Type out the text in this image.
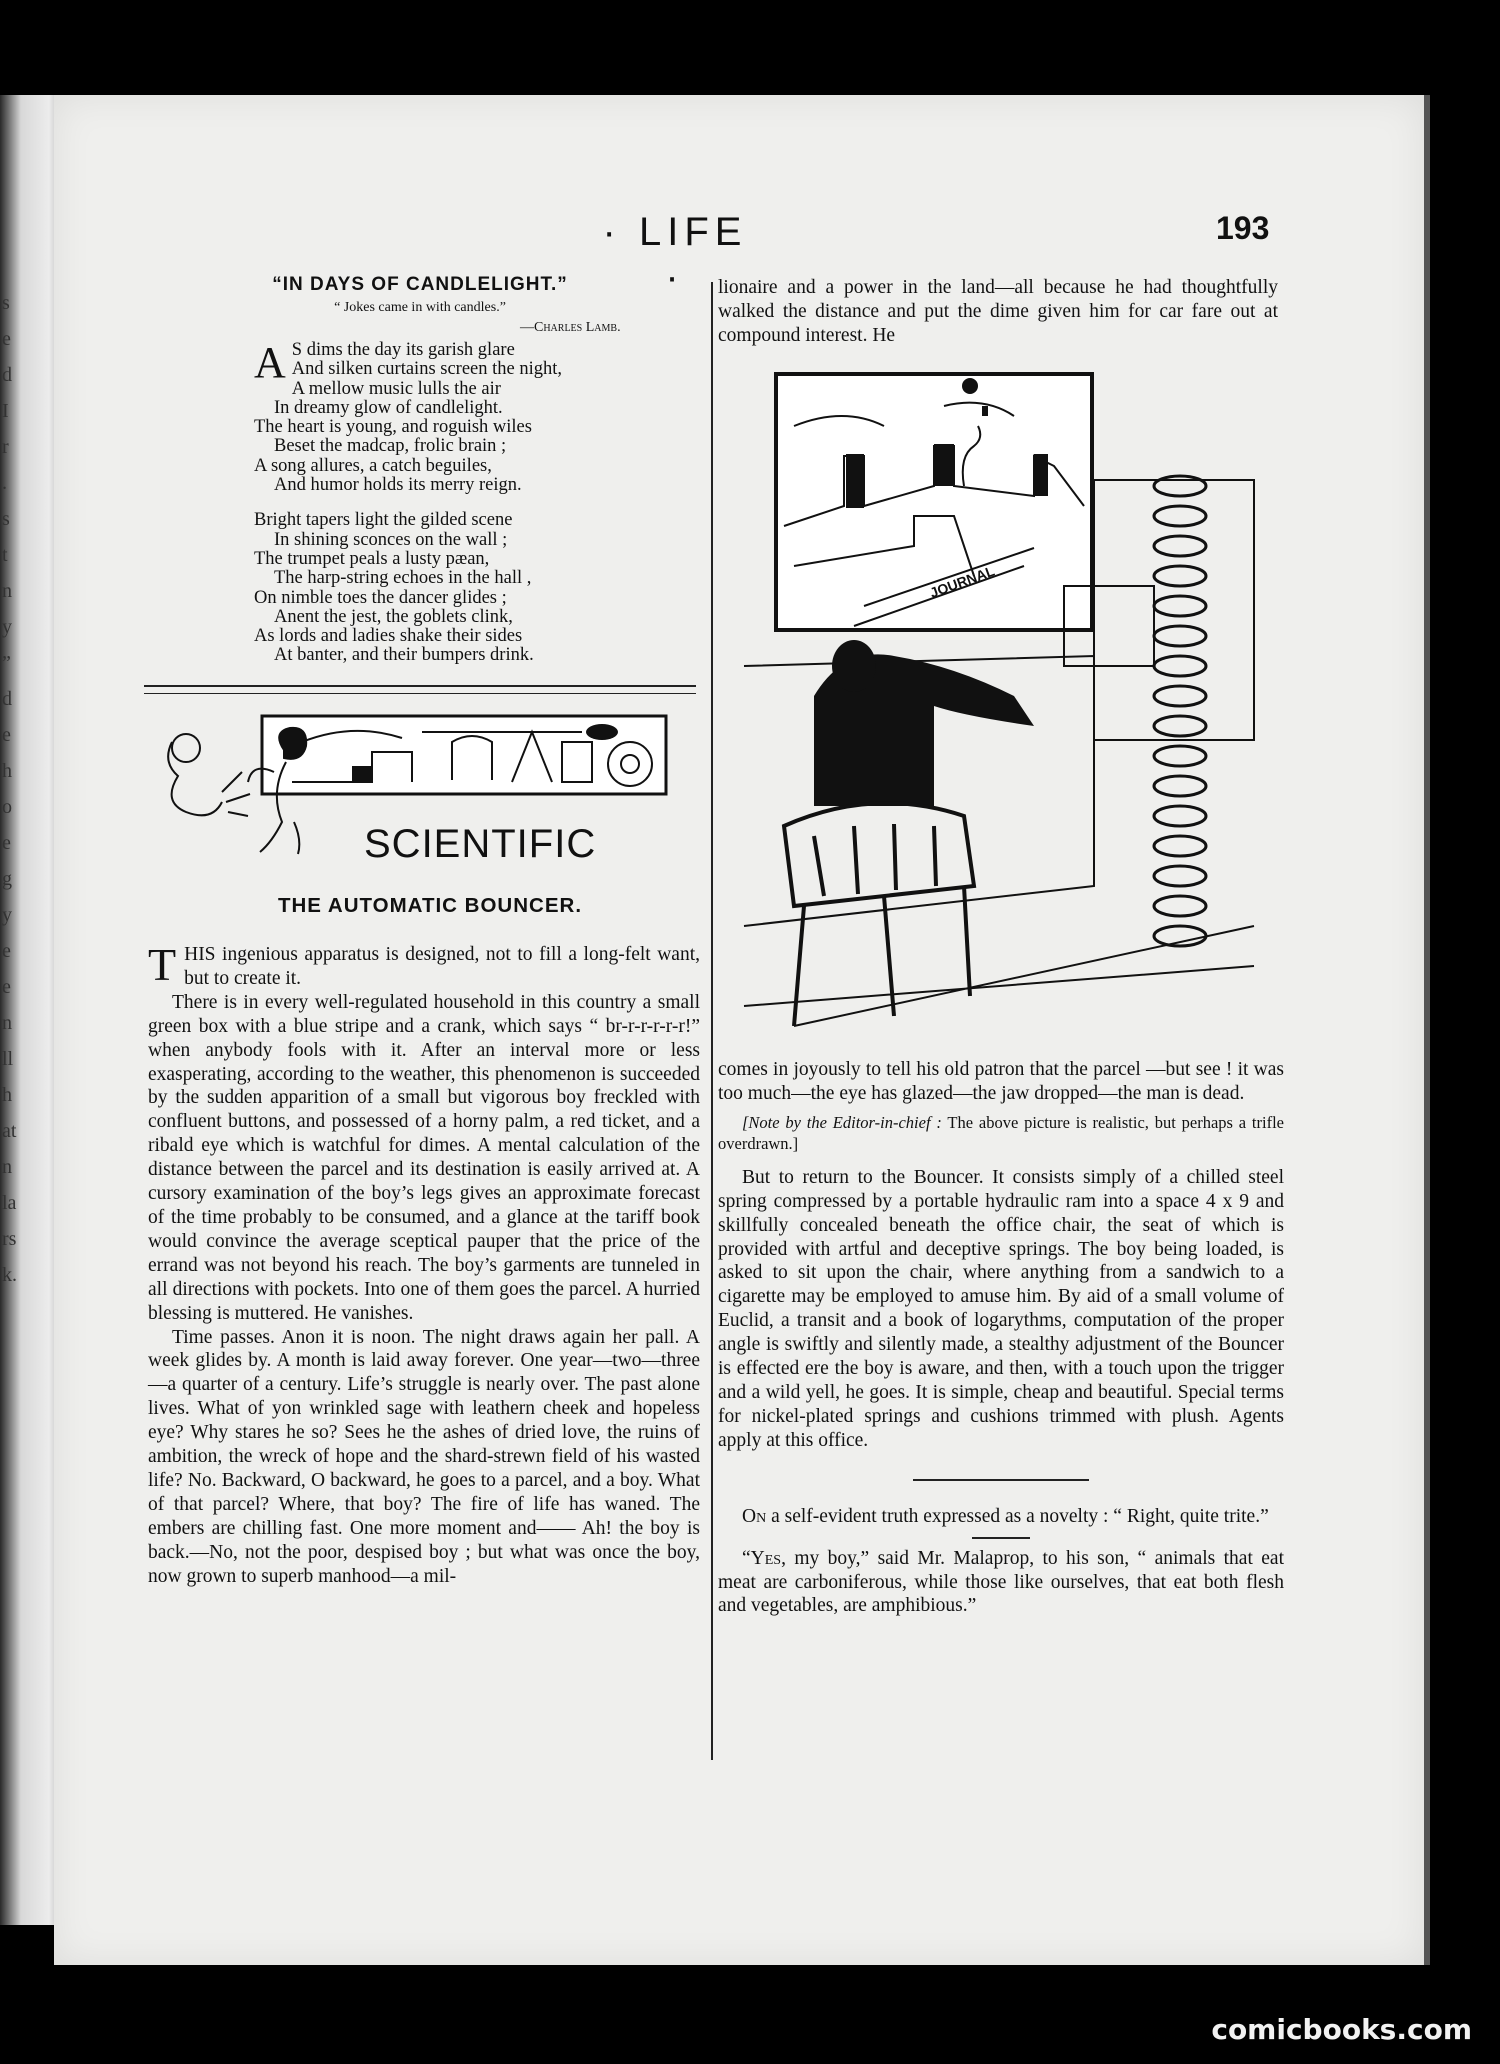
s
e
d
I
r
.
s
t
n
y
”
d
e
h
o
e
g
y
e
e
n
ll
h
at
n
la
rs
k.
· LIFE ·
193
“IN DAYS OF CANDLELIGHT.”
“ Jokes came in with candles.”
—Charles Lamb.
A S dims the day its garish glare
And silken curtains screen the night,
A mellow music lulls the air
In dreamy glow of candlelight.
The heart is young, and roguish wiles
Beset the madcap, frolic brain ;
A song allures, a catch beguiles,
And humor holds its merry reign.
Bright tapers light the gilded scene
In shining sconces on the wall ;
The trumpet peals a lusty pæan,
The harp-string echoes in the hall ,
On nimble toes the dancer glides ;
Anent the jest, the goblets clink,
As lords and ladies shake their sides
At banter, and their bumpers drink.
SCIENTIFIC
THE AUTOMATIC BOUNCER.

THIS ingenious apparatus is designed, not to fill a long-felt want, but to create it.

There is in every well-regulated household in this country a small green box with a blue stripe and a crank, which says “ br-r-r-r-r-r!” when anybody fools with it. After an interval more or less exasperating, according to the weather, this phenomenon is succeeded by the sudden apparition of a small but vigorous boy freckled with confluent buttons, and possessed of a horny palm, a red ticket, and a ribald eye which is watchful for dimes. A mental calculation of the distance between the parcel and its destination is easily arrived at. A cursory examination of the boy’s legs gives an approximate forecast of the time probably to be consumed, and a glance at the tariff book would convince the average sceptical pauper that the price of the errand was not beyond his reach. The boy’s garments are tunneled in all directions with pockets. Into one of them goes the parcel. A hurried blessing is muttered. He vanishes.

Time passes. Anon it is noon. The night draws again her pall. A week glides by. A month is laid away forever. One year—two—three—a quarter of a century. Life’s struggle is nearly over. The past alone lives. What of yon wrinkled sage with leathern cheek and hopeless eye? Why stares he so? Sees he the ashes of dried love, the ruins of ambition, the wreck of hope and the shard-strewn field of his wasted life? No. Backward, O backward, he goes to a parcel, and a boy. What of that parcel? Where, that boy? The fire of life has waned. The embers are chilling fast. One more moment and—— Ah! the boy is back.—No, not the poor, despised boy ; but what was once the boy, now grown to superb manhood—a mil-

lionaire and a power in the land—all because he had thoughtfully walked the distance and put the dime given him for car fare out at compound interest. He

JOURNAL

comes in joyously to tell his old patron that the parcel —but see ! it was too much—the eye has glazed—the jaw dropped—the man is dead.

[Note by the Editor-in-chief : The above picture is realistic, but perhaps a trifle overdrawn.]

But to return to the Bouncer. It consists simply of a chilled steel spring compressed by a portable hydraulic ram into a space 4 x 9 and skillfully concealed beneath the office chair, the seat of which is provided with artful and deceptive springs. The boy being loaded, is asked to sit upon the chair, where anything from a sandwich to a cigarette may be employed to amuse him. By aid of a small volume of Euclid, a transit and a book of logarythms, computation of the proper angle is swiftly and silently made, a stealthy adjustment of the Bouncer is effected ere the boy is aware, and then, with a touch upon the trigger and a wild yell, he goes. It is simple, cheap and beautiful. Special terms for nickel-plated springs and cushions trimmed with plush. Agents apply at this office.

On a self-evident truth expressed as a novelty : “ Right, quite trite.”

“Yes, my boy,” said Mr. Malaprop, to his son, “ animals that eat meat are carboniferous, while those like ourselves, that eat both flesh and vegetables, are amphibious.”

comicbooks.com
